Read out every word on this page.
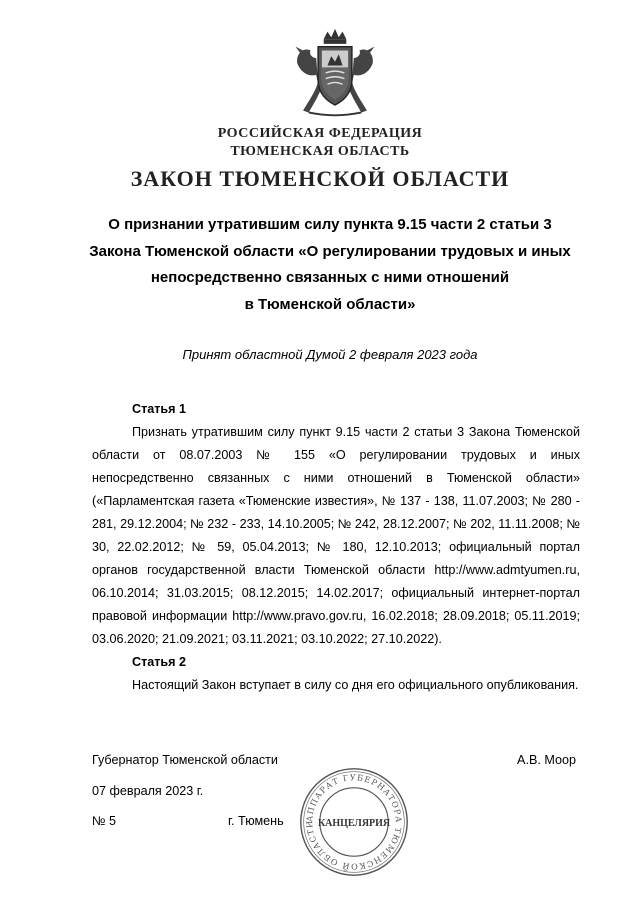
РОССИЙСКАЯ ФЕДЕРАЦИЯ
ТЮМЕНСКАЯ ОБЛАСТЬ
ЗАКОН ТЮМЕНСКОЙ ОБЛАСТИ
О признании утратившим силу пункта 9.15 части 2 статьи 3
Закона Тюменской области «О регулировании трудовых и иных
непосредственно связанных с ними отношений
в Тюменской области»
Принят областной Думой 2 февраля 2023 года
Статья 1

Признать утратившим силу пункт 9.15 части 2 статьи 3 Закона Тюменской области от 08.07.2003 № 155 «О регулировании трудовых и иных непосредственно связанных с ними отношений в Тюменской области» («Парламентская газета «Тюменские известия», № 137 - 138, 11.07.2003; № 280 - 281, 29.12.2004; № 232 - 233, 14.10.2005; № 242, 28.12.2007; № 202, 11.11.2008; № 30, 22.02.2012; № 59, 05.04.2013; № 180, 12.10.2013; официальный портал органов государственной власти Тюменской области http://www.admtyumen.ru, 06.10.2014; 31.03.2015; 08.12.2015; 14.02.2017; официальный интернет-портал правовой информации http://www.pravo.gov.ru, 16.02.2018; 28.09.2018; 05.11.2019; 03.06.2020; 21.09.2021; 03.11.2021; 03.10.2022; 27.10.2022).

Статья 2

Настоящий Закон вступает в силу со дня его официального опубликования.

Губернатор Тюменской области	А.В. Моор
07 февраля 2023 г.
№ 5	г. Тюмень	АППАРАТ ГУБЕРНАТОРА ТЮМЕНСКОЙ ОБЛАСТИ КАНЦЕЛЯРИЯ
